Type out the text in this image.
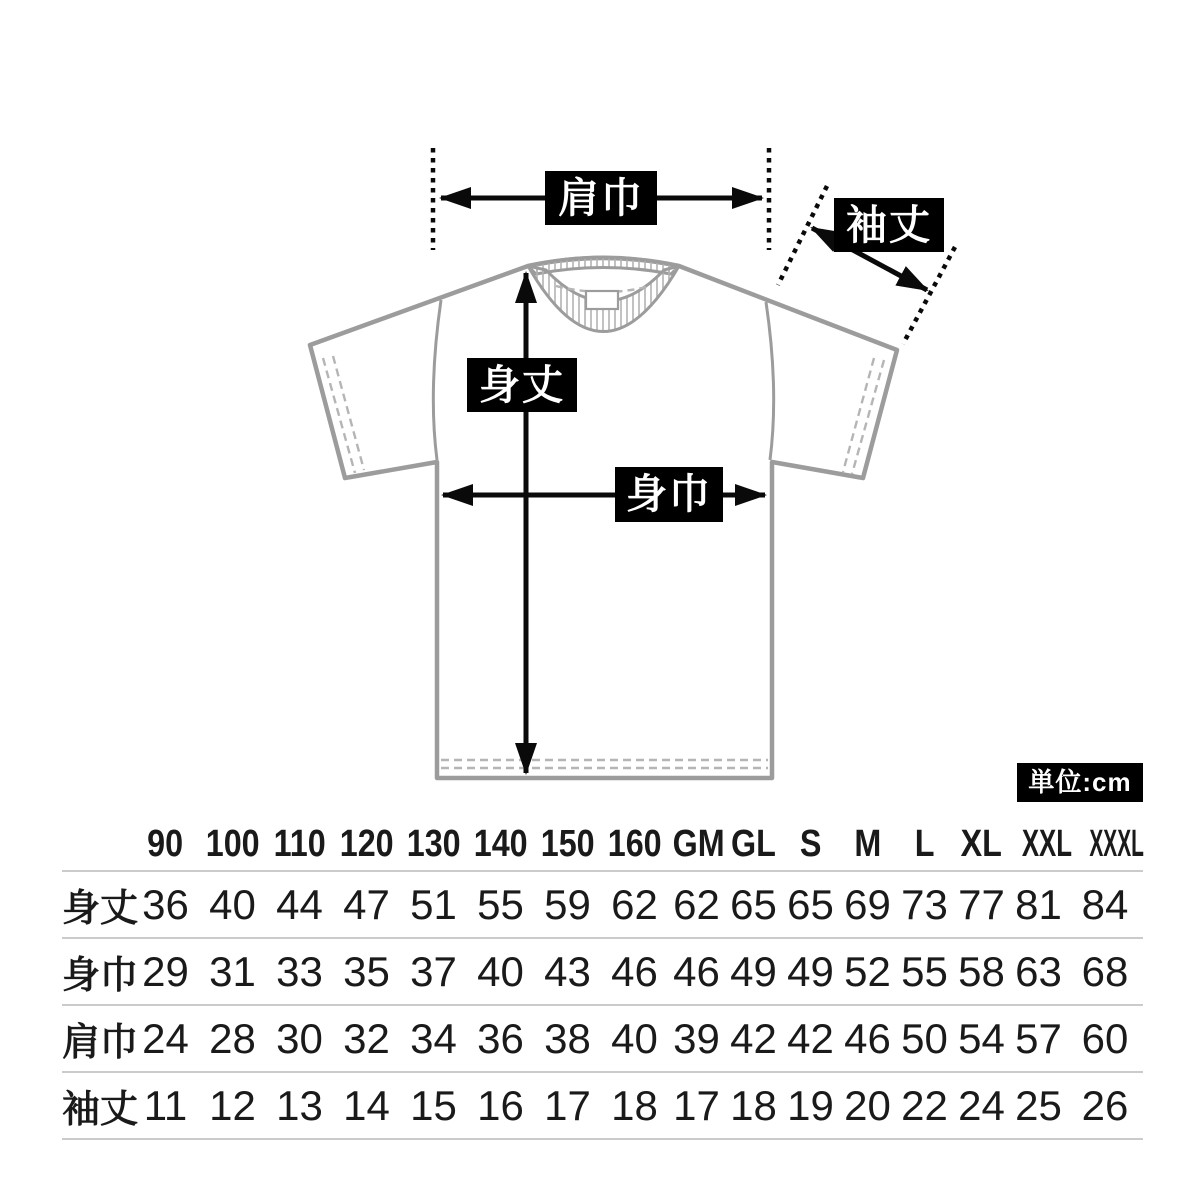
肩巾
袖丈
身丈
身巾
単位:cm
90 100 110 120 130 140 150 160 GM GL S M L XL XXL XXXL
身丈 36 40 44 47 51 55 59 62 62 65 65 69 73 77 81 84
身巾 29 31 33 35 37 40 43 46 46 49 49 52 55 58 63 68
肩巾 24 28 30 32 34 36 38 40 39 42 42 46 50 54 57 60
袖丈 11 12 13 14 15 16 17 18 17 18 19 20 22 24 25 26
